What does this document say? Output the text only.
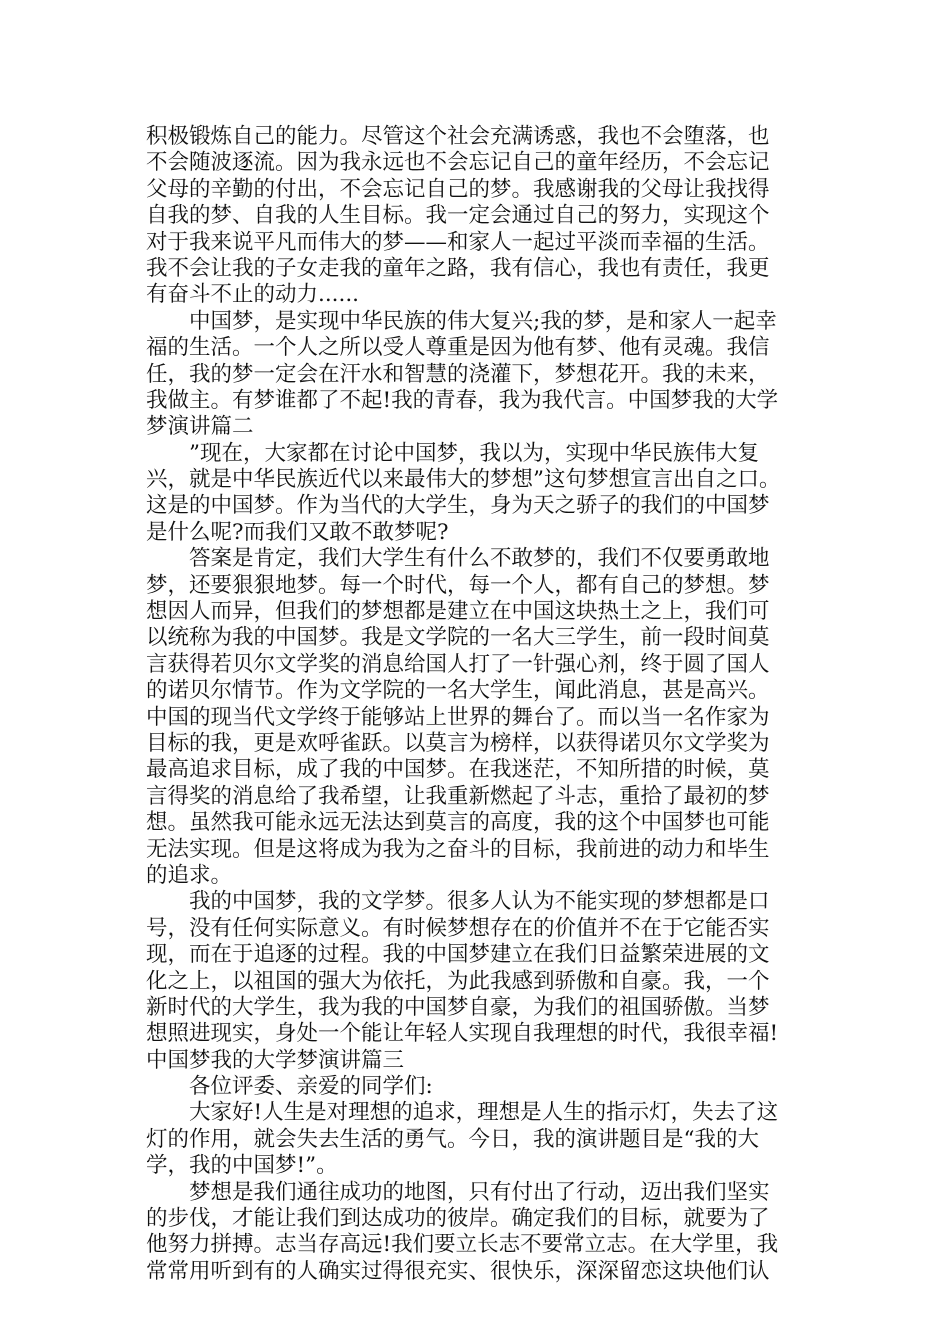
积极锻炼自己的能力。尽管这个社会充满诱惑，我也不会堕落，也
不会随波逐流。因为我永远也不会忘记自己的童年经历，不会忘记
父母的辛勤的付出，不会忘记自己的梦。我感谢我的父母让我找得
自我的梦、自我的人生目标。我一定会通过自己的努力，实现这个
对于我来说平凡而伟大的梦——和家人一起过平淡而幸福的生活。
我不会让我的子女走我的童年之路，我有信心，我也有责任，我更
有奋斗不止的动力......
中国梦，是实现中华民族的伟大复兴;我的梦，是和家人一起幸
福的生活。一个人之所以受人尊重是因为他有梦、他有灵魂。我信
任，我的梦一定会在汗水和智慧的浇灌下，梦想花开。我的未来，
我做主。有梦谁都了不起!我的青春，我为我代言。中国梦我的大学
梦演讲篇二
”现在，大家都在讨论中国梦，我以为，实现中华民族伟大复
兴，就是中华民族近代以来最伟大的梦想”这句梦想宣言出自之口。
这是的中国梦。作为当代的大学生，身为天之骄子的我们的中国梦
是什么呢?而我们又敢不敢梦呢?
答案是肯定，我们大学生有什么不敢梦的，我们不仅要勇敢地
梦，还要狠狠地梦。每一个时代，每一个人，都有自己的梦想。梦
想因人而异，但我们的梦想都是建立在中国这块热土之上，我们可
以统称为我的中国梦。我是文学院的一名大三学生，前一段时间莫
言获得若贝尔文学奖的消息给国人打了一针强心剂，终于圆了国人
的诺贝尔情节。作为文学院的一名大学生，闻此消息，甚是高兴。
中国的现当代文学终于能够站上世界的舞台了。而以当一名作家为
目标的我，更是欢呼雀跃。以莫言为榜样，以获得诺贝尔文学奖为
最高追求目标，成了我的中国梦。在我迷茫，不知所措的时候，莫
言得奖的消息给了我希望，让我重新燃起了斗志，重拾了最初的梦
想。虽然我可能永远无法达到莫言的高度，我的这个中国梦也可能
无法实现。但是这将成为我为之奋斗的目标，我前进的动力和毕生
的追求。
我的中国梦，我的文学梦。很多人认为不能实现的梦想都是口
号，没有任何实际意义。有时候梦想存在的价值并不在于它能否实
现，而在于追逐的过程。我的中国梦建立在我们日益繁荣进展的文
化之上，以祖国的强大为依托，为此我感到骄傲和自豪。我，一个
新时代的大学生，我为我的中国梦自豪，为我们的祖国骄傲。当梦
想照进现实，身处一个能让年轻人实现自我理想的时代，我很幸福!
中国梦我的大学梦演讲篇三
各位评委、亲爱的同学们:
大家好!人生是对理想的追求，理想是人生的指示灯，失去了这
灯的作用，就会失去生活的勇气。今日，我的演讲题目是“我的大
学，我的中国梦!”。
梦想是我们通往成功的地图，只有付出了行动，迈出我们坚实
的步伐，才能让我们到达成功的彼岸。确定我们的目标，就要为了
他努力拼搏。志当存高远!我们要立长志不要常立志。在大学里，我
常常用听到有的人确实过得很充实、很快乐，深深留恋这块他们认
